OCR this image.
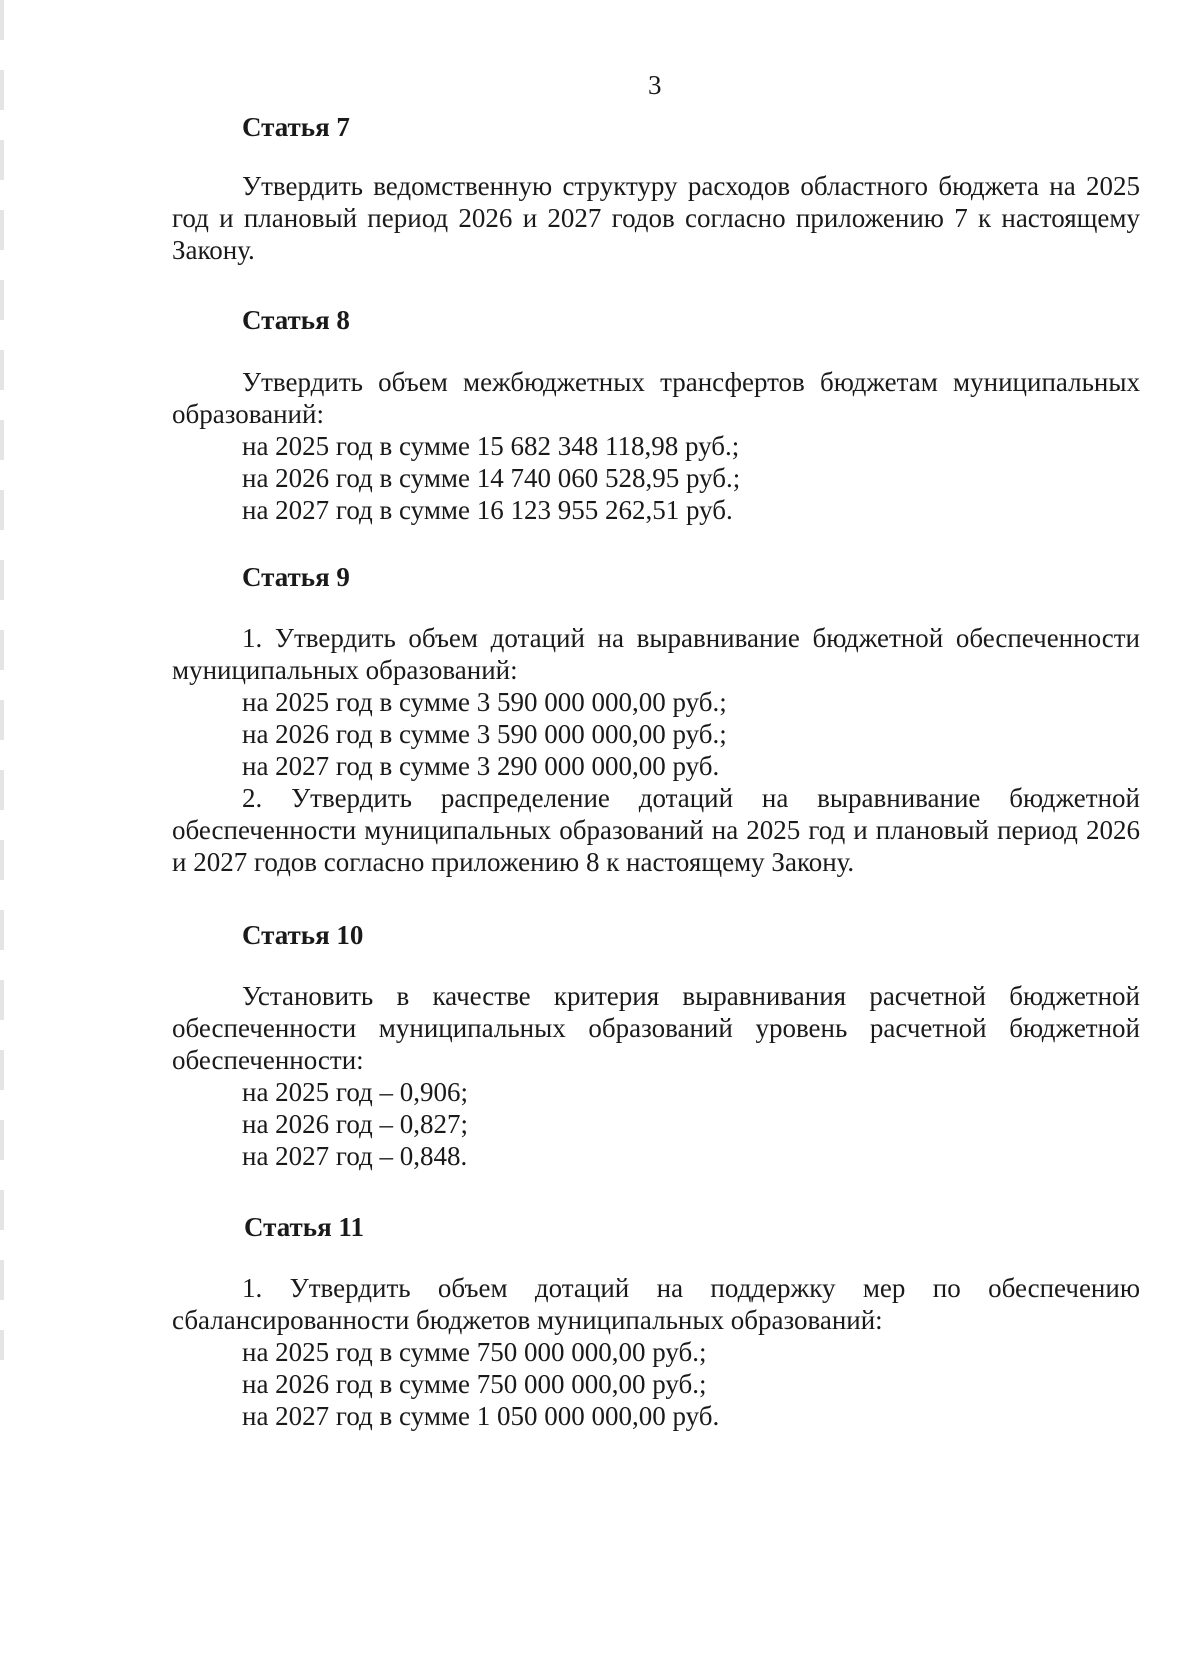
3
Статья 7

Утвердить ведомственную структуру расходов областного бюджета на 2025 год и плановый период 2026 и 2027 годов согласно приложению 7 к настоящему Закону.

Статья 8

Утвердить объем межбюджетных трансфертов бюджетам муниципальных образований:

на 2025 год в сумме 15 682 348 118,98 руб.;

на 2026 год в сумме 14 740 060 528,95 руб.;

на 2027 год в сумме 16 123 955 262,51 руб.

Статья 9

1. Утвердить объем дотаций на выравнивание бюджетной обеспеченности муниципальных образований:

на 2025 год в сумме 3 590 000 000,00 руб.;

на 2026 год в сумме 3 590 000 000,00 руб.;

на 2027 год в сумме 3 290 000 000,00 руб.

2. Утвердить распределение дотаций на выравнивание бюджетной обеспеченности муниципальных образований на 2025 год и плановый период 2026 и 2027 годов согласно приложению 8 к настоящему Закону.

Статья 10

Установить в качестве критерия выравнивания расчетной бюджетной обеспеченности муниципальных образований уровень расчетной бюджетной обеспеченности:

на 2025 год – 0,906;

на 2026 год – 0,827;

на 2027 год – 0,848.

Статья 11

1. Утвердить объем дотаций на поддержку мер по обеспечению сбалансированности бюджетов муниципальных образований:

на 2025 год в сумме 750 000 000,00 руб.;

на 2026 год в сумме 750 000 000,00 руб.;

на 2027 год в сумме 1 050 000 000,00 руб.
